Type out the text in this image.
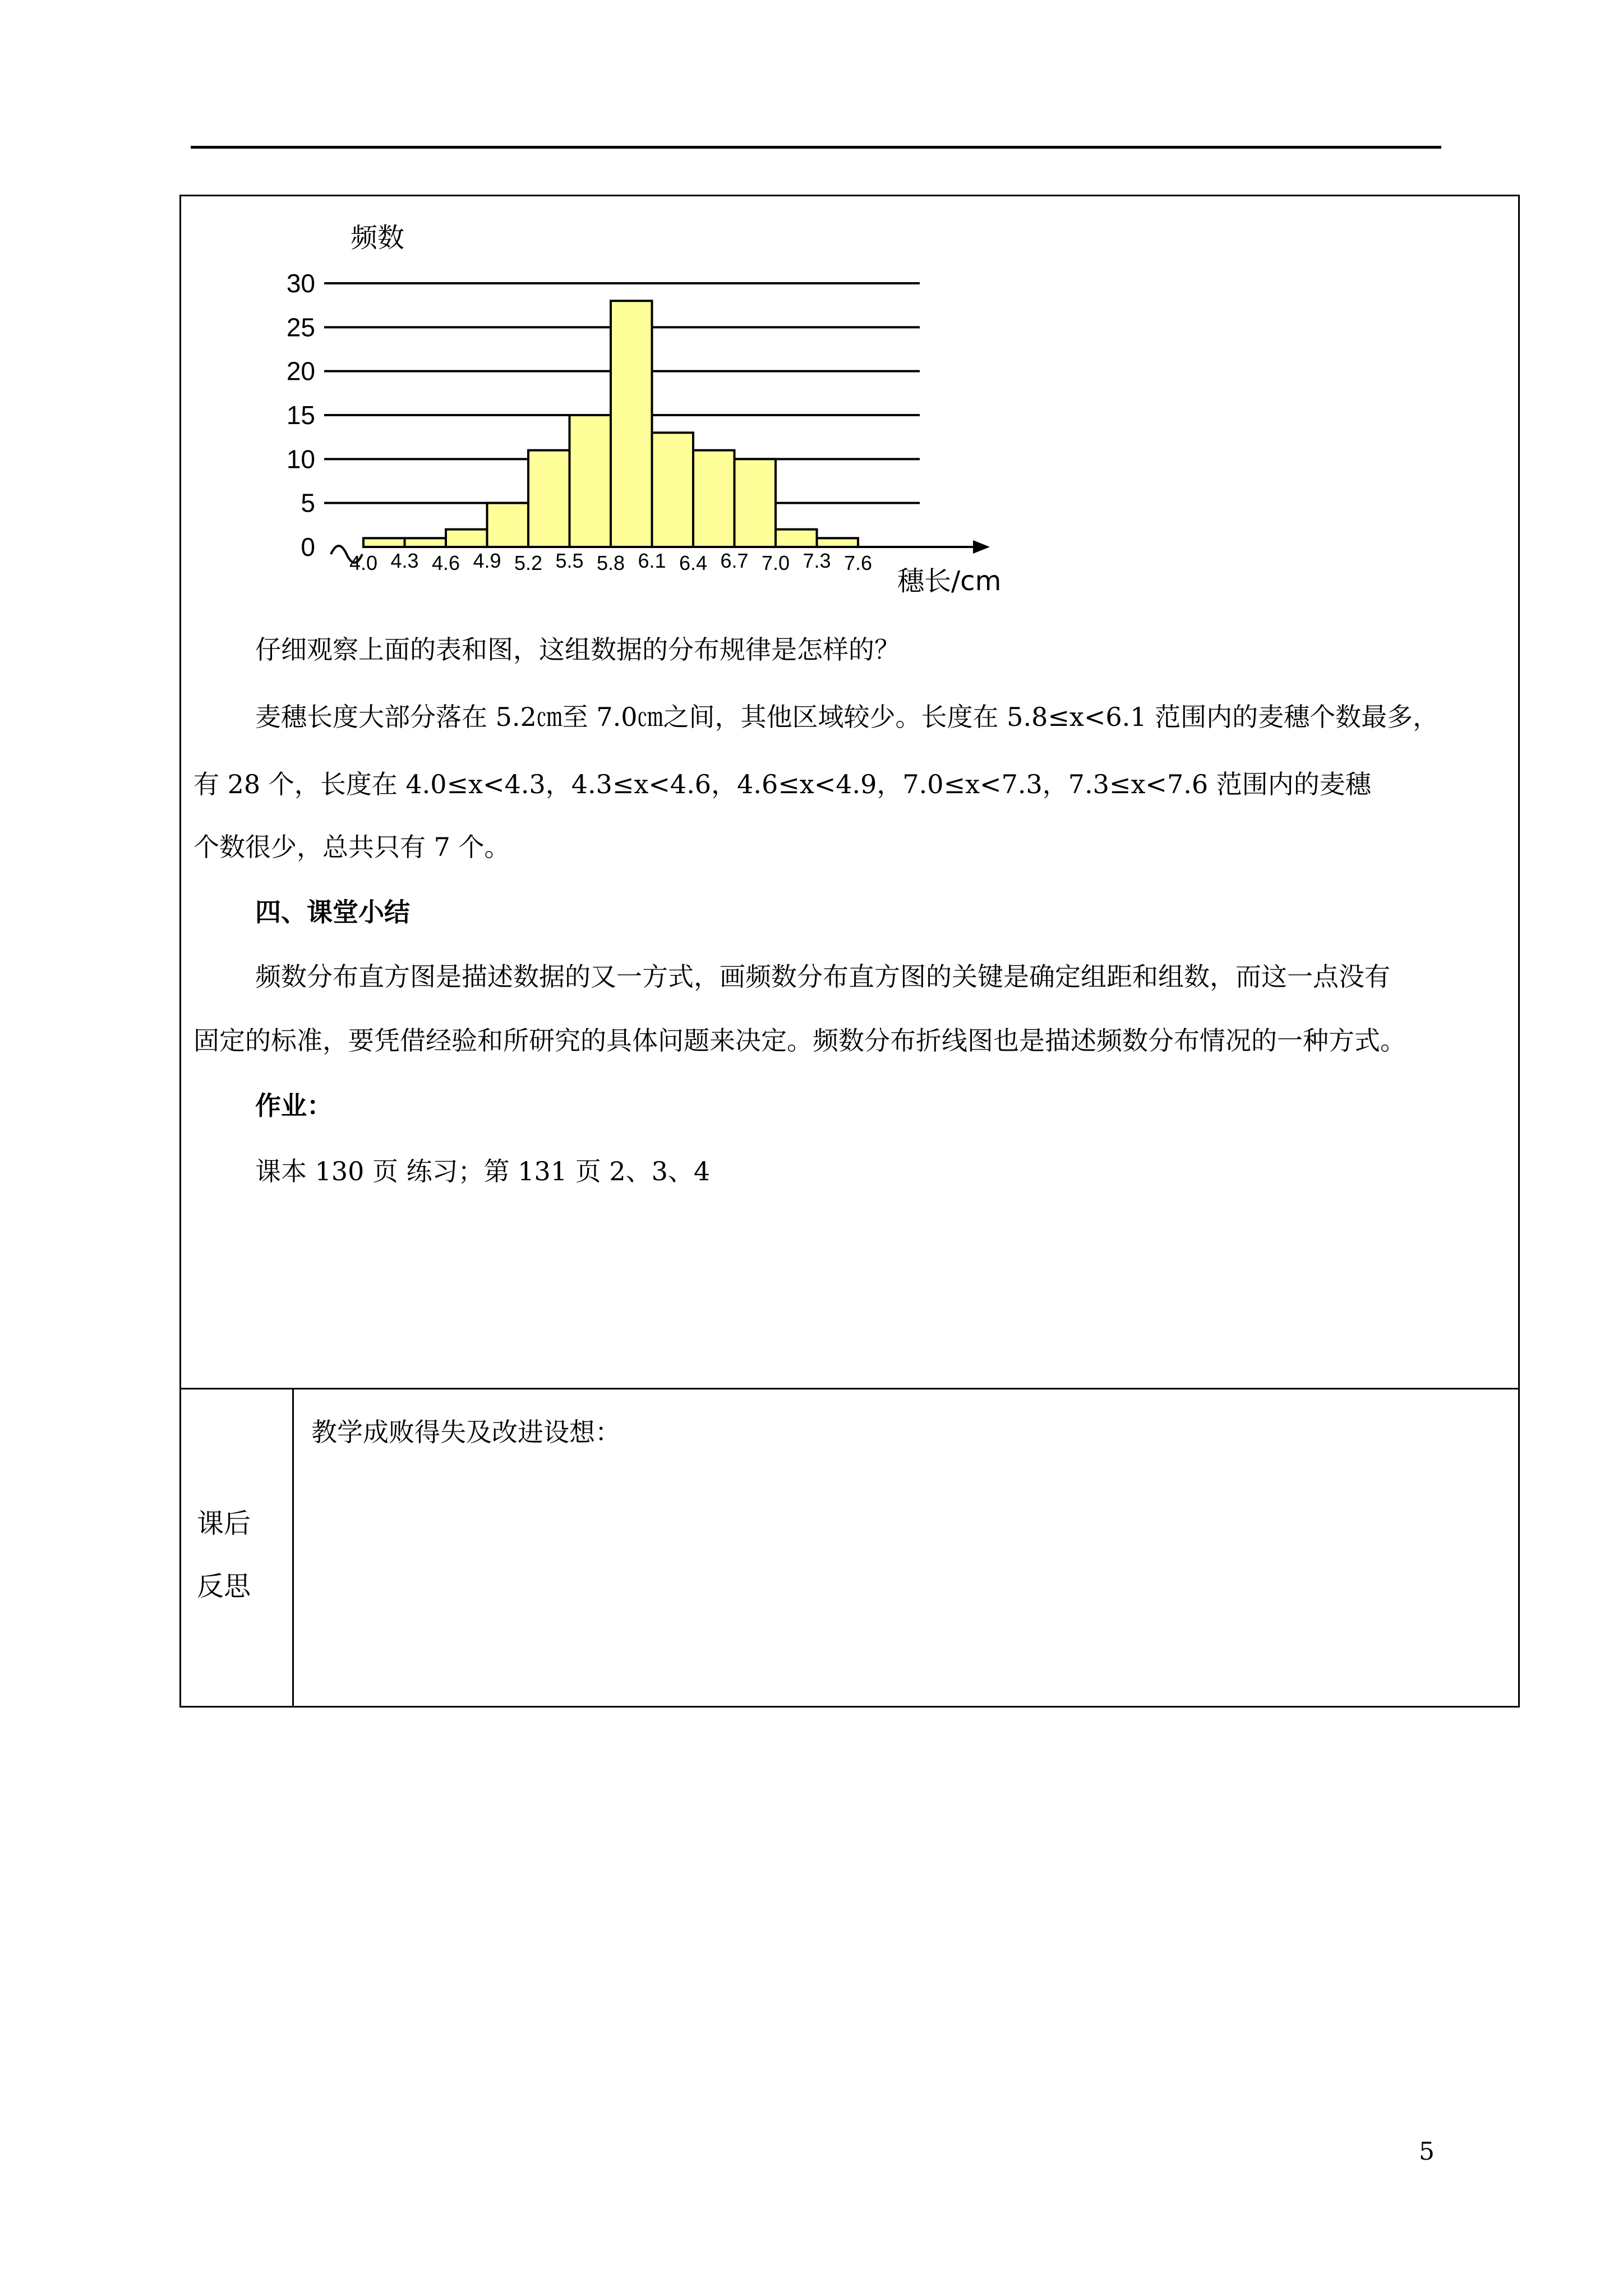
30
25
20
15
10
5
0
频数
4.0 4.3 4.6 4.9 5.2 5.5 5.8 6.1 6.4 6.7 7.0 7.3 7.6
穗长/cm
仔细观察上面的表和图，这组数据的分布规律是怎样的？
麦穗长度大部分落在 5.2㎝至 7.0㎝之间，其他区域较少。长度在 5.8≤x<6.1 范围内的麦穗个数最多，
有 28 个，长度在 4.0≤x<4.3，4.3≤x<4.6，4.6≤x<4.9，7.0≤x<7.3，7.3≤x<7.6 范围内的麦穗
个数很少，总共只有 7 个。
四、课堂小结
频数分布直方图是描述数据的又一方式，画频数分布直方图的关键是确定组距和组数，而这一点没有
固定的标准，要凭借经验和所研究的具体问题来决定。频数分布折线图也是描述频数分布情况的一种方式。
作业：
课本 130 页 练习；第 131 页 2、3、4
课后
反思
教学成败得失及改进设想：
5
